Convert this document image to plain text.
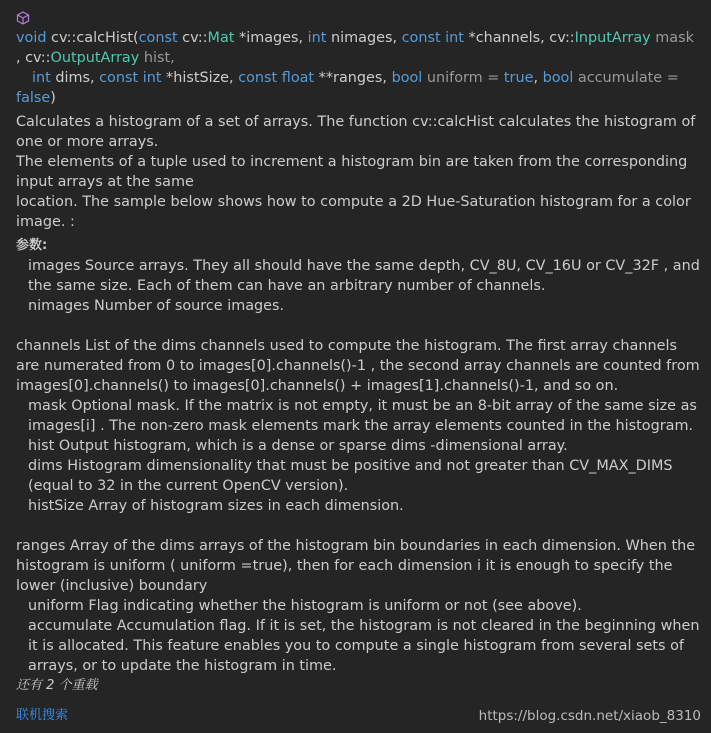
void cv::calcHist(const cv::Mat *images, int nimages, const int *channels, cv::InputArray mask
, cv::OutputArray hist,
int dims, const int *histSize, const float **ranges, bool uniform = true, bool accumulate = false)

Calculates a histogram of a set of arrays. The function cv::calcHist calculates the histogram of one or more arrays.

The elements of a tuple used to increment a histogram bin are taken from the corresponding input arrays at the same

location. The sample below shows how to compute a 2D Hue-Saturation histogram for a color image. :

参数:

images Source arrays. They all should have the same depth, CV_8U, CV_16U or CV_32F , and the same size. Each of them can have an arbitrary number of channels.

nimages Number of source images.

channels List of the dims channels used to compute the histogram. The first array channels are numerated from 0 to images[0].channels()-1 , the second array channels are counted from images[0].channels() to images[0].channels() + images[1].channels()-1, and so on.

mask Optional mask. If the matrix is not empty, it must be an 8-bit array of the same size as images[i] . The non-zero mask elements mark the array elements counted in the histogram.

hist Output histogram, which is a dense or sparse dims -dimensional array.

dims Histogram dimensionality that must be positive and not greater than CV_MAX_DIMS (equal to 32 in the current OpenCV version).

histSize Array of histogram sizes in each dimension.

ranges Array of the dims arrays of the histogram bin boundaries in each dimension. When the histogram is uniform ( uniform =true), then for each dimension i it is enough to specify the lower (inclusive) boundary

uniform Flag indicating whether the histogram is uniform or not (see above).

accumulate Accumulation flag. If it is set, the histogram is not cleared in the beginning when it is allocated. This feature enables you to compute a single histogram from several sets of arrays, or to update the histogram in time.

还有 2 个重载
联机搜索	https://blog.csdn.net/xiaob_8310
